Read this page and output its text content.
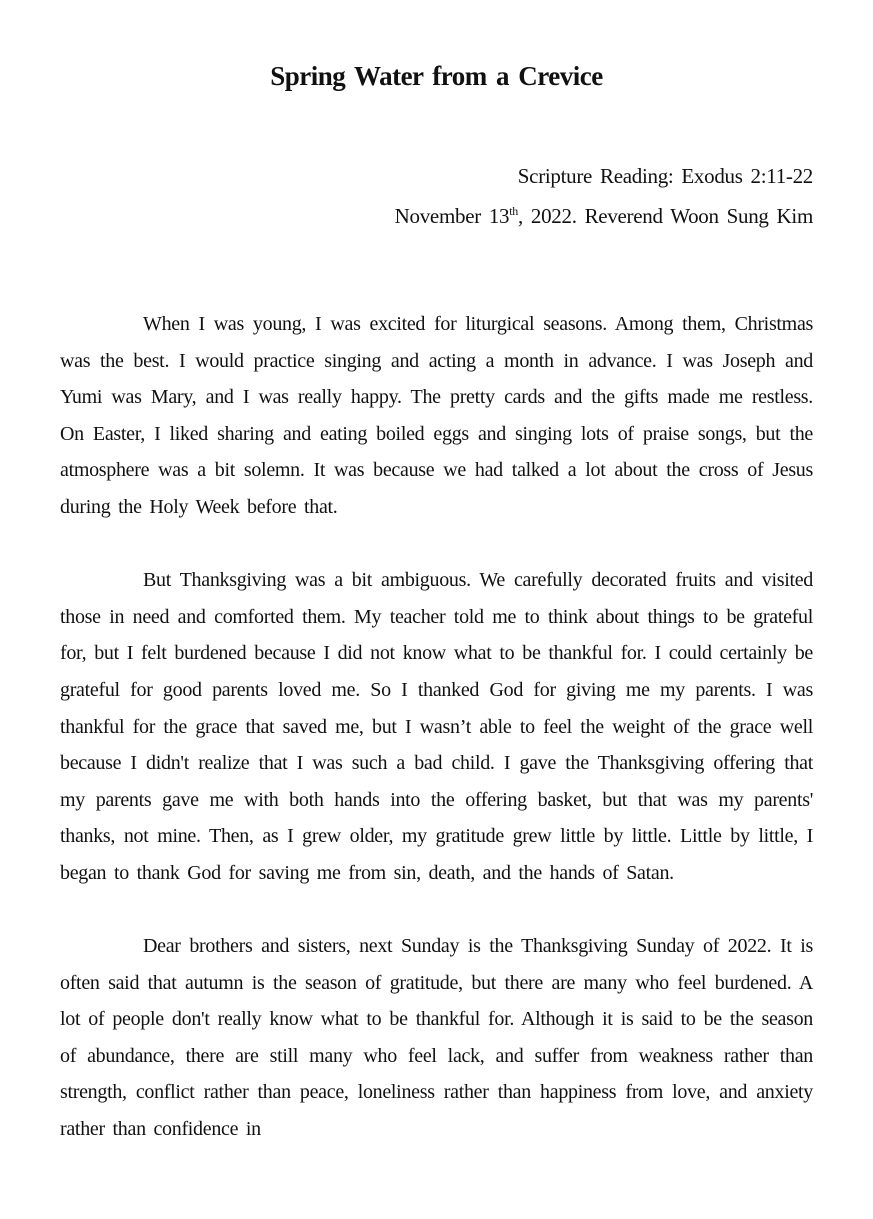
Spring Water from a Crevice
Scripture Reading: Exodus 2:11-22
November 13th, 2022. Reverend Woon Sung Kim

When I was young, I was excited for liturgical seasons. Among them, Christmas was the best. I would practice singing and acting a month in advance. I was Joseph and Yumi was Mary, and I was really happy. The pretty cards and the gifts made me restless. On Easter, I liked sharing and eating boiled eggs and singing lots of praise songs, but the atmosphere was a bit solemn. It was because we had talked a lot about the cross of Jesus during the Holy Week before that.

But Thanksgiving was a bit ambiguous. We carefully decorated fruits and visited those in need and comforted them. My teacher told me to think about things to be grateful for, but I felt burdened because I did not know what to be thankful for. I could certainly be grateful for good parents loved me. So I thanked God for giving me my parents. I was thankful for the grace that saved me, but I wasn’t able to feel the weight of the grace well because I didn't realize that I was such a bad child. I gave the Thanksgiving offering that my parents gave me with both hands into the offering basket, but that was my parents' thanks, not mine. Then, as I grew older, my gratitude grew little by little. Little by little, I began to thank God for saving me from sin, death, and the hands of Satan.

Dear brothers and sisters, next Sunday is the Thanksgiving Sunday of 2022. It is often said that autumn is the season of gratitude, but there are many who feel burdened. A lot of people don't really know what to be thankful for. Although it is said to be the season of abundance, there are still many who feel lack, and suffer from weakness rather than strength, conflict rather than peace, loneliness rather than happiness from love, and anxiety rather than confidence in
